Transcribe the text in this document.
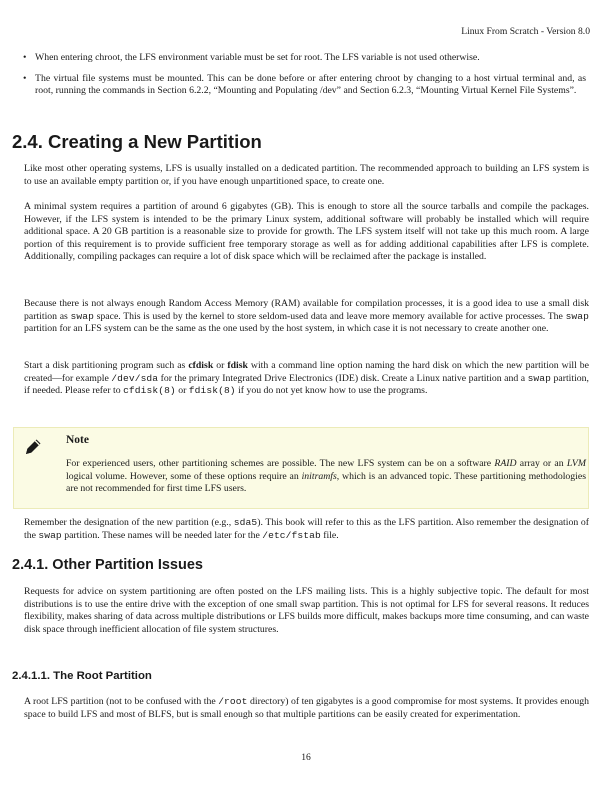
Linux From Scratch - Version 8.0
• When entering chroot, the LFS environment variable must be set for root. The LFS variable is not used otherwise.
• The virtual file systems must be mounted. This can be done before or after entering chroot by changing to a host virtual terminal and, as root, running the commands in Section 6.2.2, “Mounting and Populating /dev” and Section 6.2.3, “Mounting Virtual Kernel File Systems”.
2.4. Creating a New Partition

Like most other operating systems, LFS is usually installed on a dedicated partition. The recommended approach to building an LFS system is to use an available empty partition or, if you have enough unpartitioned space, to create one.

A minimal system requires a partition of around 6 gigabytes (GB). This is enough to store all the source tarballs and compile the packages. However, if the LFS system is intended to be the primary Linux system, additional software will probably be installed which will require additional space. A 20 GB partition is a reasonable size to provide for growth. The LFS system itself will not take up this much room. A large portion of this requirement is to provide sufficient free temporary storage as well as for adding additional capabilities after LFS is complete. Additionally, compiling packages can require a lot of disk space which will be reclaimed after the package is installed.

Because there is not always enough Random Access Memory (RAM) available for compilation processes, it is a good idea to use a small disk partition as swap space. This is used by the kernel to store seldom-used data and leave more memory available for active processes. The swap partition for an LFS system can be the same as the one used by the host system, in which case it is not necessary to create another one.

Start a disk partitioning program such as cfdisk or fdisk with a command line option naming the hard disk on which the new partition will be created—for example /dev/sda for the primary Integrated Drive Electronics (IDE) disk. Create a Linux native partition and a swap partition, if needed. Please refer to cfdisk(8) or fdisk(8) if you do not yet know how to use the programs.

Note

For experienced users, other partitioning schemes are possible. The new LFS system can be on a software RAID array or an LVM logical volume. However, some of these options require an initramfs, which is an advanced topic. These partitioning methodologies are not recommended for first time LFS users.

Remember the designation of the new partition (e.g., sda5). This book will refer to this as the LFS partition. Also remember the designation of the swap partition. These names will be needed later for the /etc/fstab file.

2.4.1. Other Partition Issues

Requests for advice on system partitioning are often posted on the LFS mailing lists. This is a highly subjective topic. The default for most distributions is to use the entire drive with the exception of one small swap partition. This is not optimal for LFS for several reasons. It reduces flexibility, makes sharing of data across multiple distributions or LFS builds more difficult, makes backups more time consuming, and can waste disk space through inefficient allocation of file system structures.

2.4.1.1. The Root Partition

A root LFS partition (not to be confused with the /root directory) of ten gigabytes is a good compromise for most systems. It provides enough space to build LFS and most of BLFS, but is small enough so that multiple partitions can be easily created for experimentation.

16
